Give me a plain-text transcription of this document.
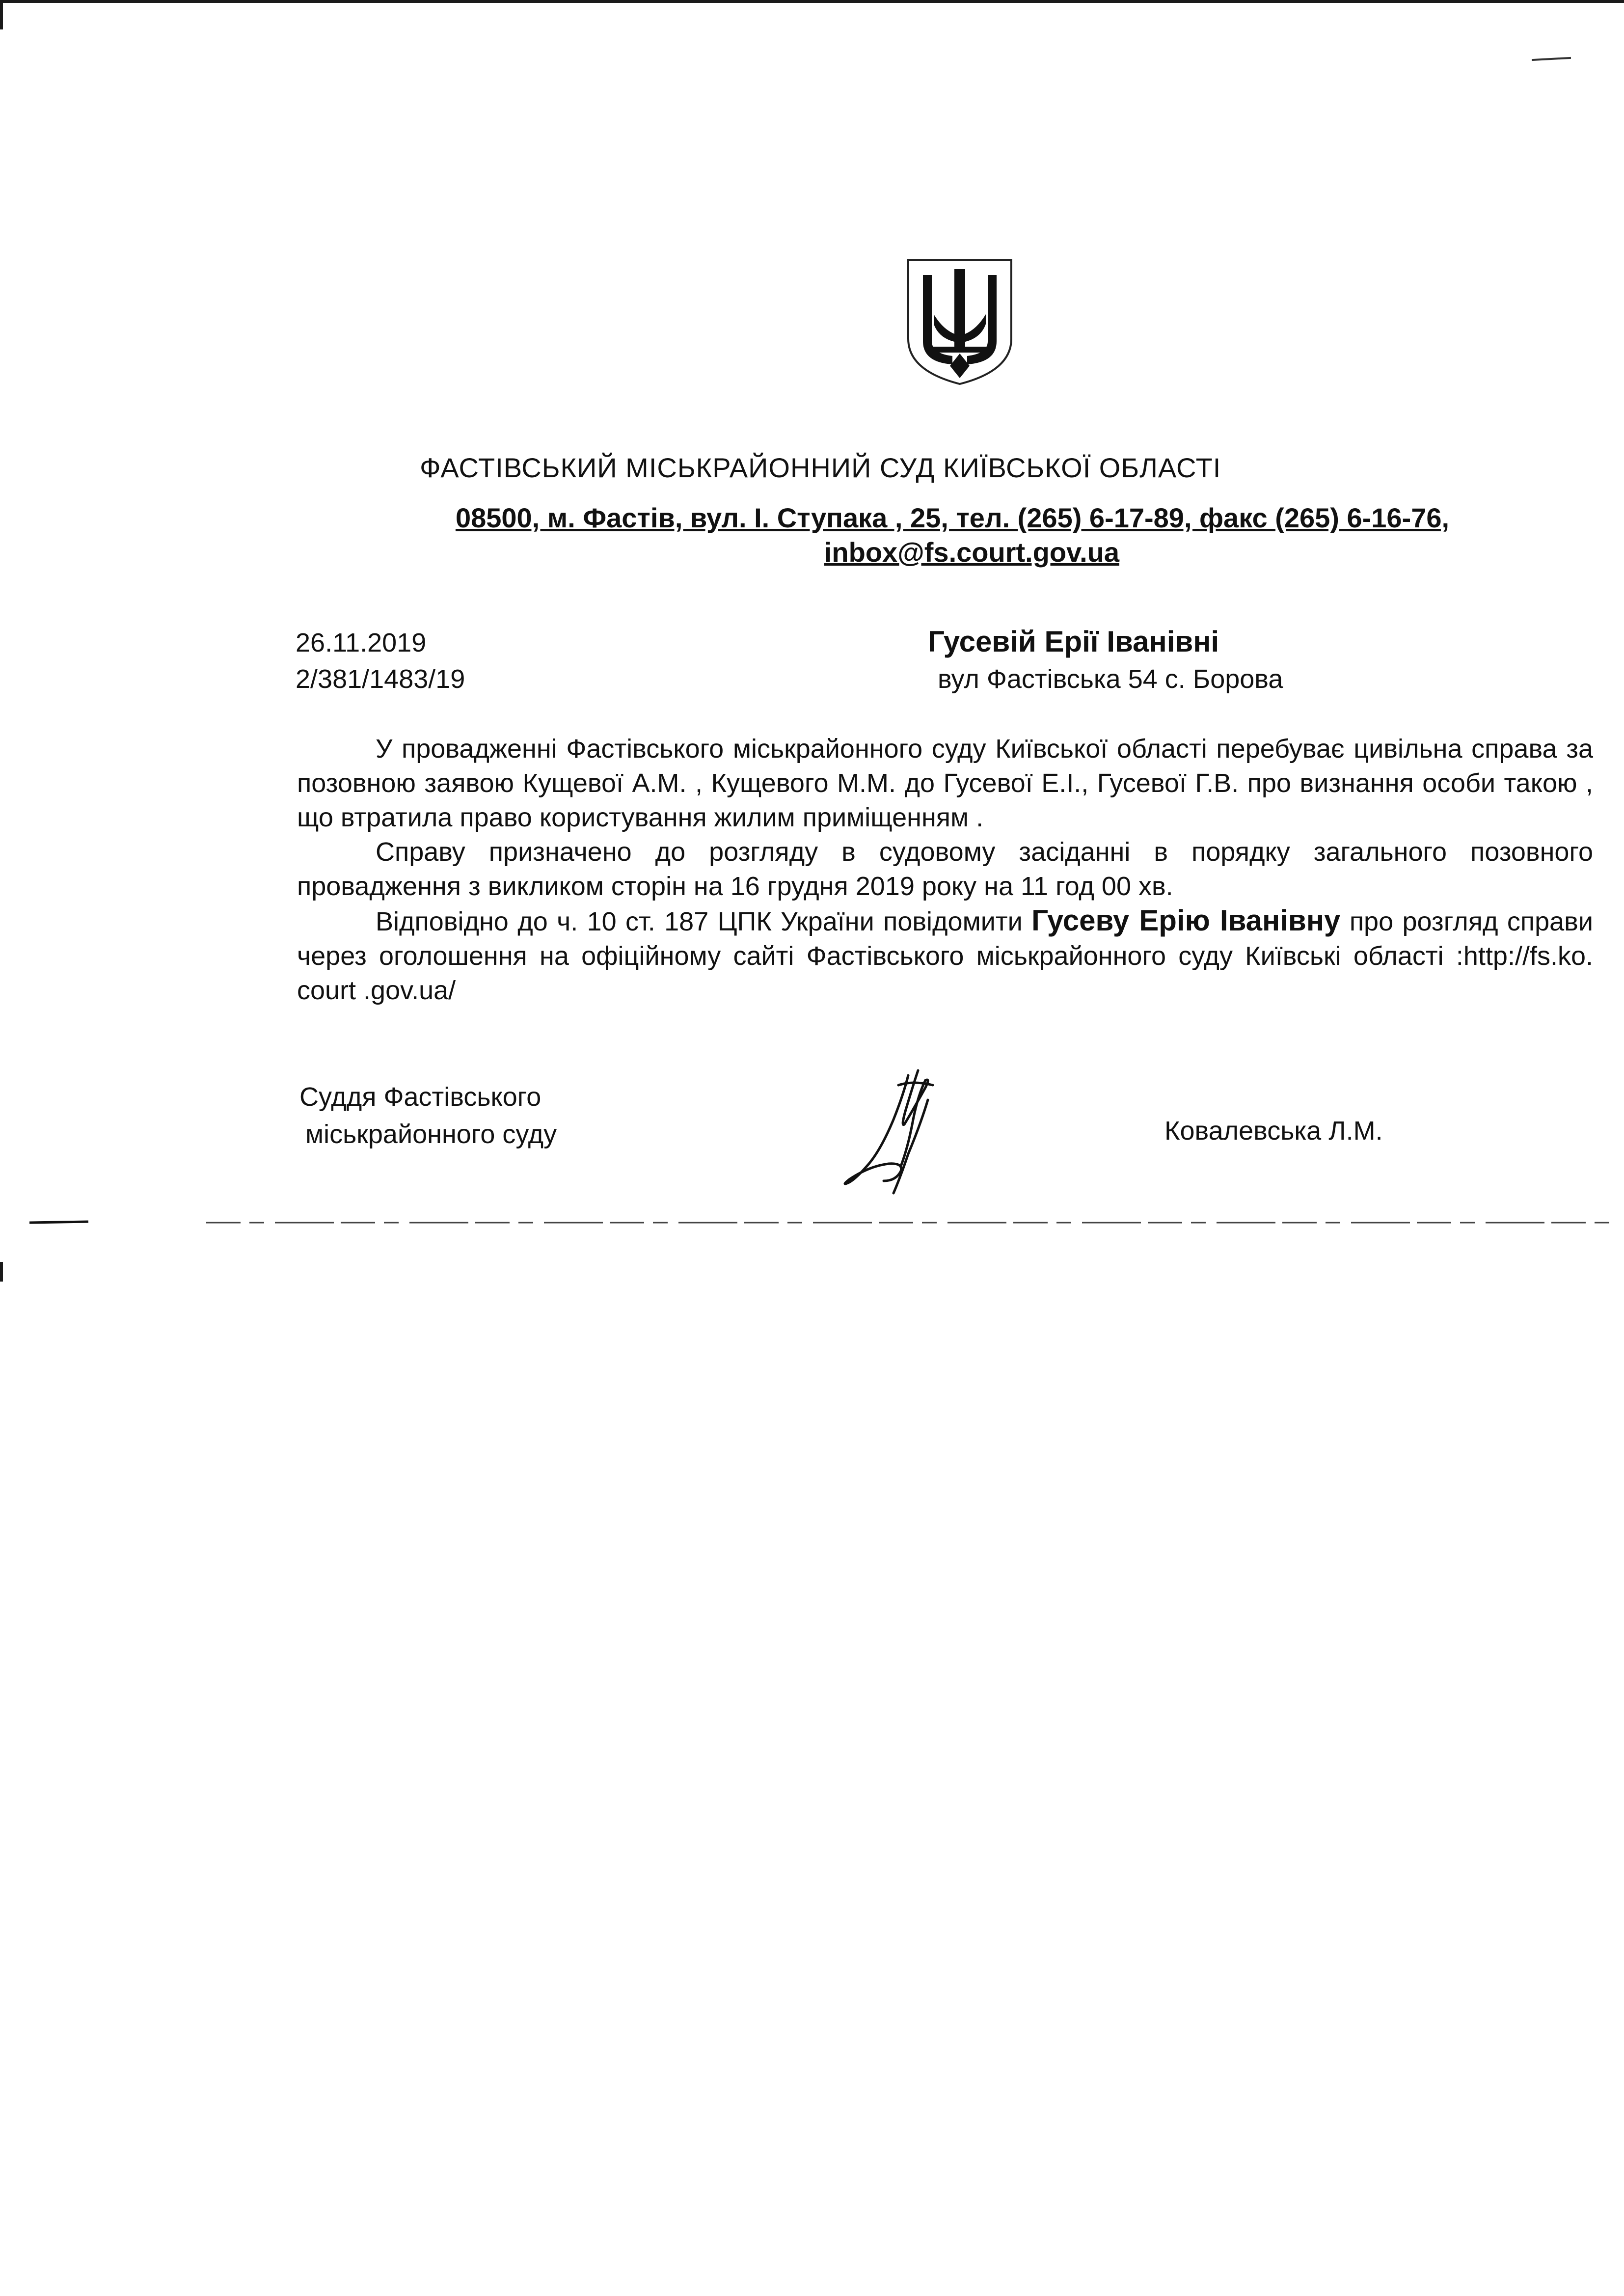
ФАСТІВСЬКИЙ МІСЬКРАЙОННИЙ СУД КИЇВСЬКОЇ ОБЛАСТІ
08500, м. Фастів, вул. І. Ступака , 25, тел. (265) 6-17-89, факс (265) 6-16-76,
inbox@fs.court.gov.ua
26.11.2019
2/381/1483/19
Гусевій Ерії Іванівні
вул Фастівська 54 с. Борова

У провадженні Фастівського міськрайонного суду Київської області перебуває цивільна справа за позовною заявою Кущевої А.М. , Кущевого М.М. до Гусевої Е.І., Гусевої Г.В. про визнання особи такою , що втратила право користування жилим приміщенням .

Справу призначено до розгляду в судовому засіданні в порядку загального позовного провадження з викликом сторін на 16 грудня 2019 року на 11 год 00 хв.

Відповідно до ч. 10 ст. 187 ЦПК України повідомити Гусеву Ерію Іванівну про розгляд справи через оголошення на офіційному сайті Фастівського міськрайонного суду Київські області :http://fs.ko. court .gov.ua/

Суддя Фастівського
міськрайонного суду	Ковалевська Л.М.
